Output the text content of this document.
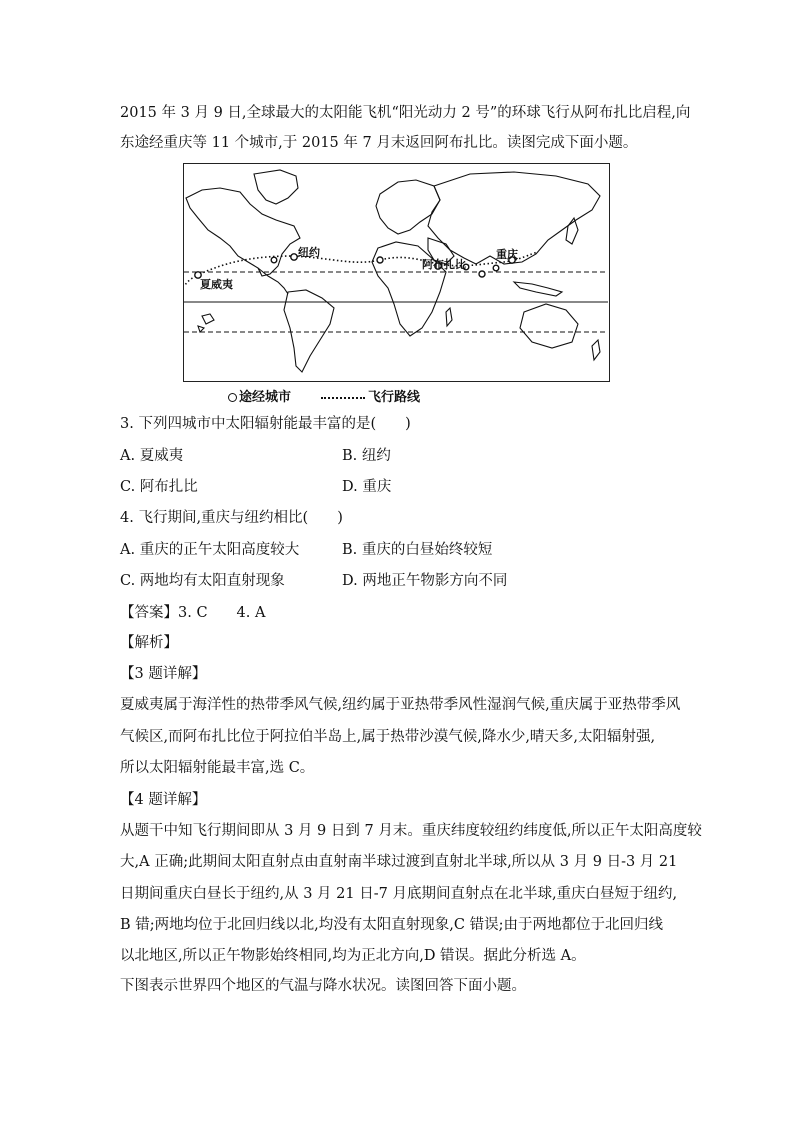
2015 年 3 月 9 日,全球最大的太阳能飞机“阳光动力 2 号”的环球飞行从阿布扎比启程,向
东途经重庆等 11 个城市,于 2015 年 7 月末返回阿布扎比。读图完成下面小题。
夏威夷
纽约
阿布扎比
重庆
途经城市	飞行路线
3. 下列四城市中太阳辐射能最丰富的是(　　)
A. 夏威夷	B. 纽约
C. 阿布扎比	D. 重庆
4. 飞行期间,重庆与纽约相比(　　)
A. 重庆的正午太阳高度较大	B. 重庆的白昼始终较短
C. 两地均有太阳直射现象	D. 两地正午物影方向不同
【答案】3. C　　4. A
【解析】
【3 题详解】
夏威夷属于海洋性的热带季风气候,纽约属于亚热带季风性湿润气候,重庆属于亚热带季风
气候区,而阿布扎比位于阿拉伯半岛上,属于热带沙漠气候,降水少,晴天多,太阳辐射强,
所以太阳辐射能最丰富,选 C。
【4 题详解】
从题干中知飞行期间即从 3 月 9 日到 7 月末。重庆纬度较纽约纬度低,所以正午太阳高度较
大,A 正确;此期间太阳直射点由直射南半球过渡到直射北半球,所以从 3 月 9 日-3 月 21
日期间重庆白昼长于纽约,从 3 月 21 日-7 月底期间直射点在北半球,重庆白昼短于纽约,
B 错;两地均位于北回归线以北,均没有太阳直射现象,C 错误;由于两地都位于北回归线
以北地区,所以正午物影始终相同,均为正北方向,D 错误。据此分析选 A。
下图表示世界四个地区的气温与降水状况。读图回答下面小题。
